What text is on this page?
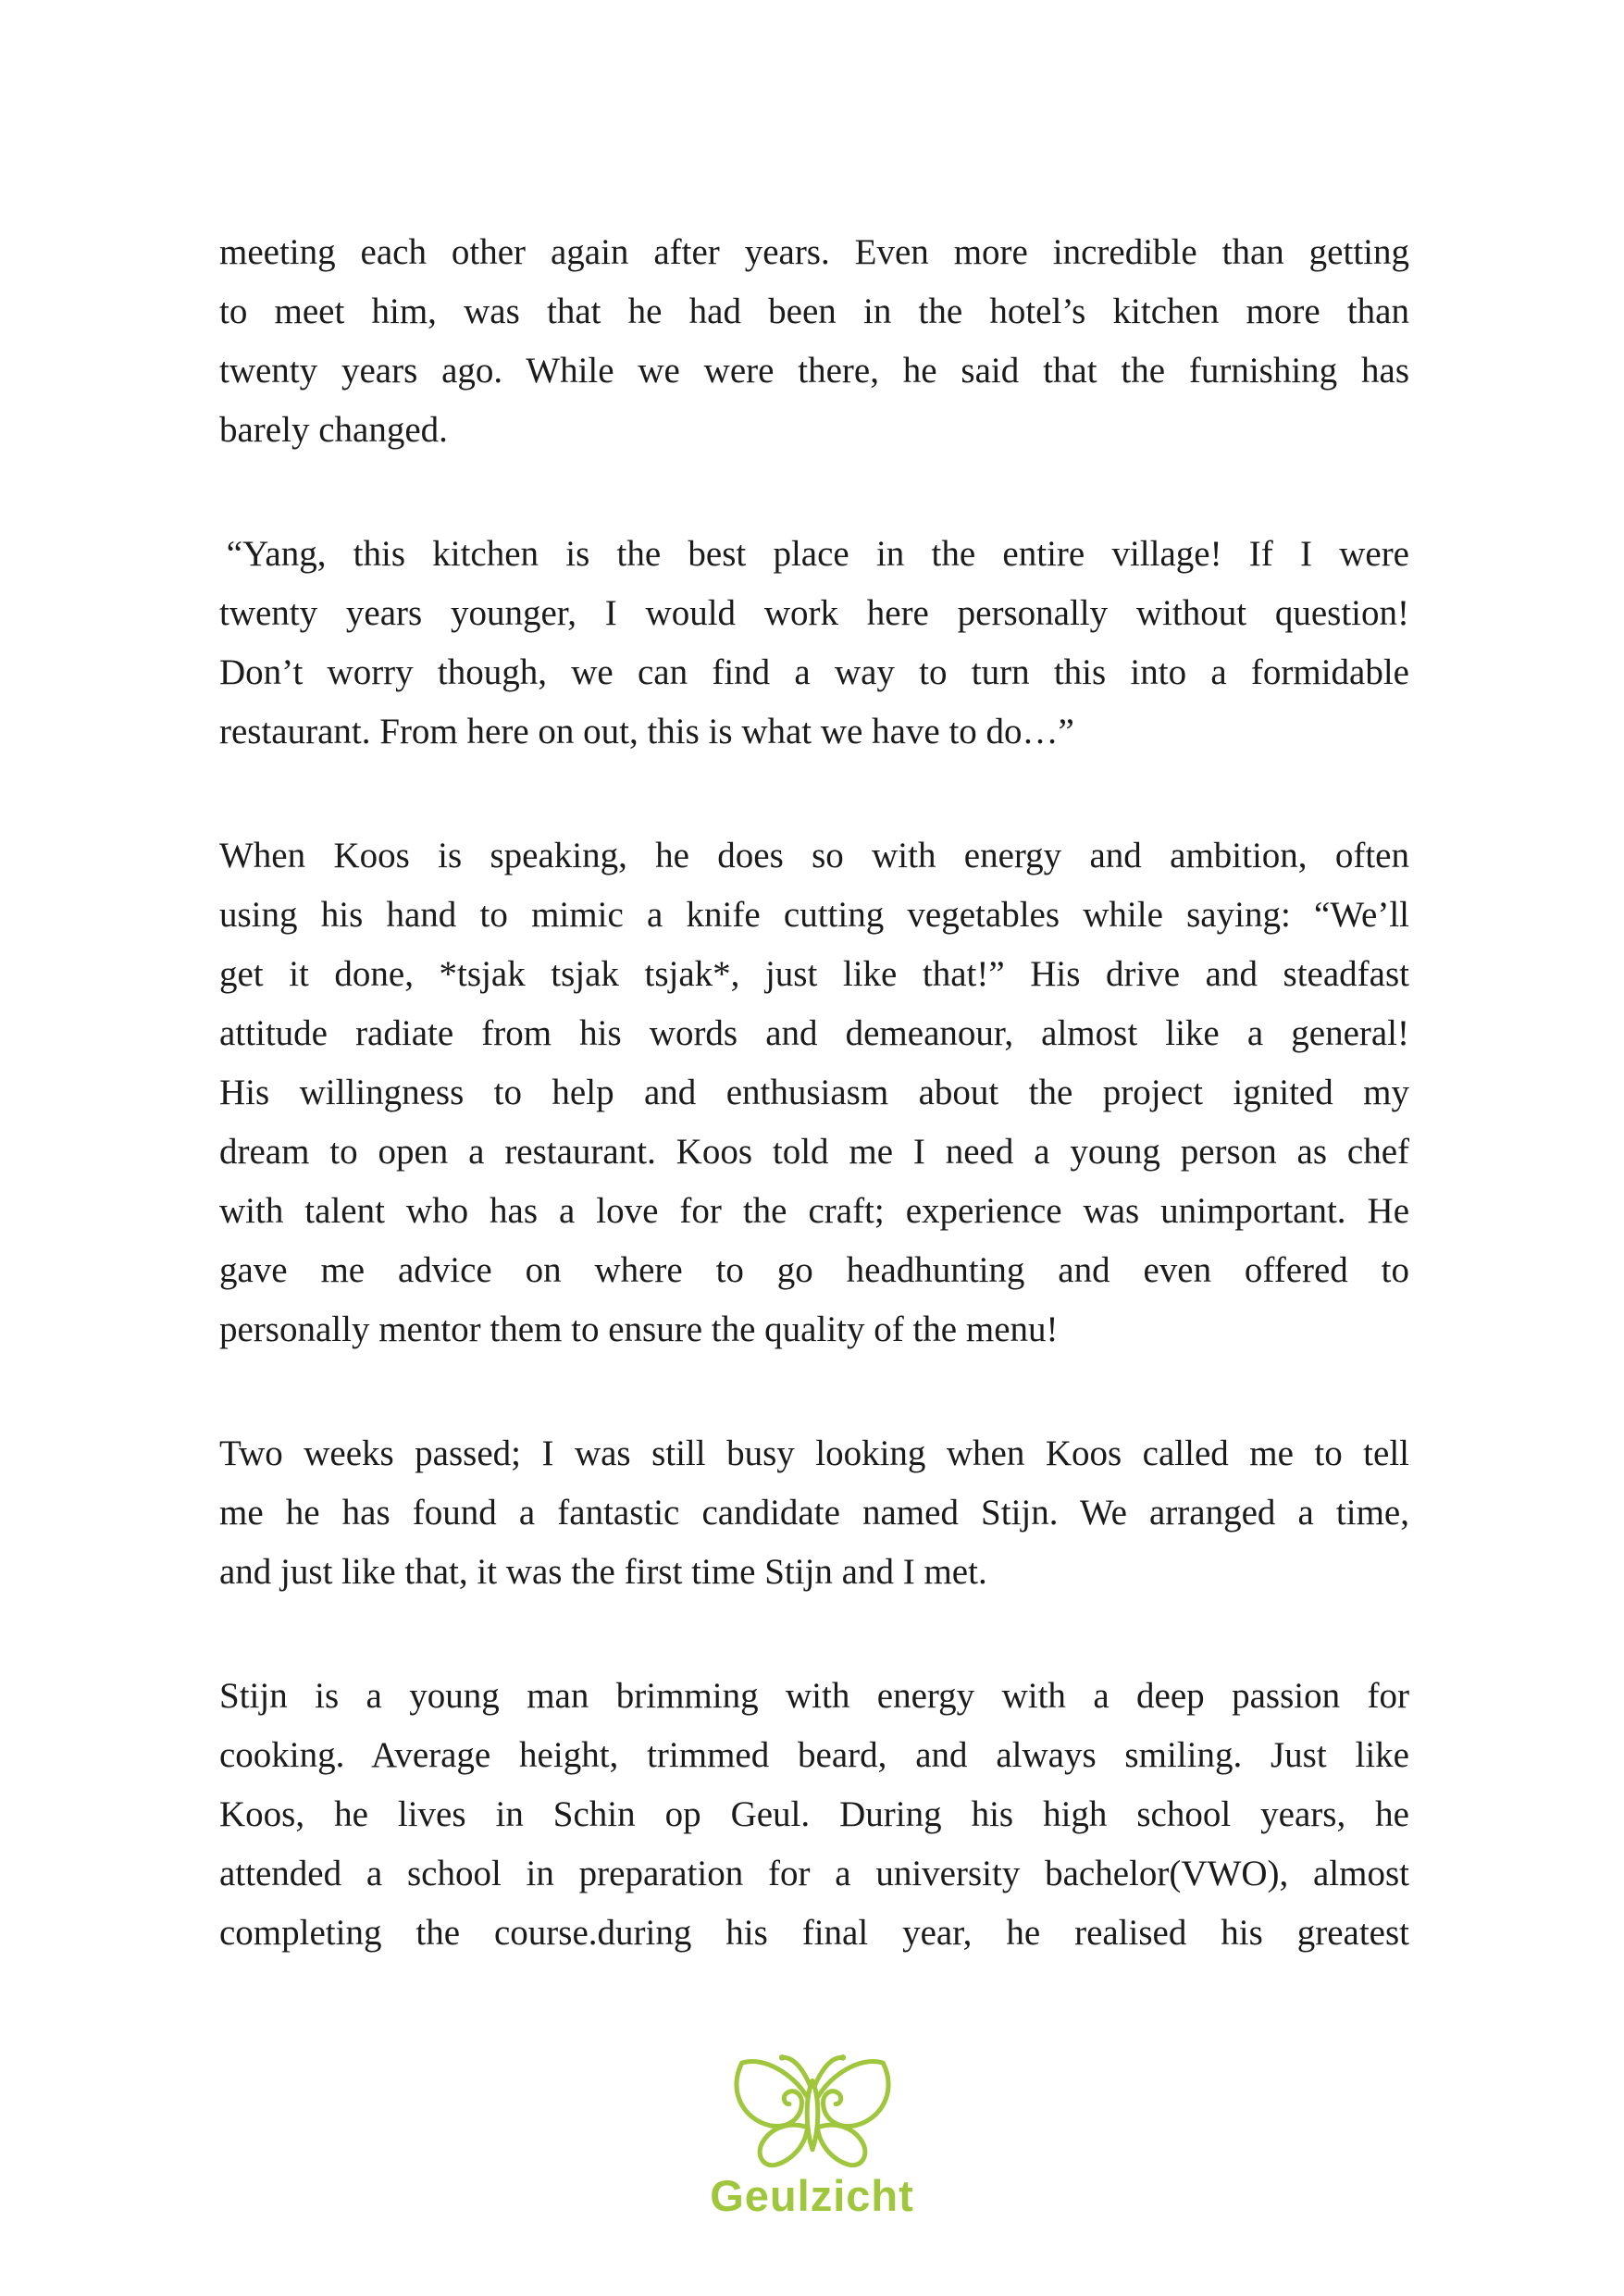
meeting each other again after years. Even more incredible than getting
to meet him, was that he had been in the hotel’s kitchen more than
twenty years ago. While we were there, he said that the furnishing has
barely changed.
 “Yang, this kitchen is the best place in the entire village! If I were
twenty years younger, I would work here personally without question!
Don’t worry though, we can find a way to turn this into a formidable
restaurant. From here on out, this is what we have to do…”
When Koos is speaking, he does so with energy and ambition, often
using his hand to mimic a knife cutting vegetables while saying: “We’ll
get it done, *tsjak tsjak tsjak*, just like that!” His drive and steadfast
attitude radiate from his words and demeanour, almost like a general!
His willingness to help and enthusiasm about the project ignited my
dream to open a restaurant. Koos told me I need a young person as chef
with talent who has a love for the craft; experience was unimportant. He
gave me advice on where to go headhunting and even offered to
personally mentor them to ensure the quality of the menu!
Two weeks passed; I was still busy looking when Koos called me to tell
me he has found a fantastic candidate named Stijn. We arranged a time,
and just like that, it was the first time Stijn and I met.
Stijn is a young man brimming with energy with a deep passion for
cooking. Average height, trimmed beard, and always smiling. Just like
Koos, he lives in Schin op Geul. During his high school years, he
attended a school in preparation for a university bachelor(VWO), almost
completing the course.during his final year, he realised his greatest
Geulzicht
